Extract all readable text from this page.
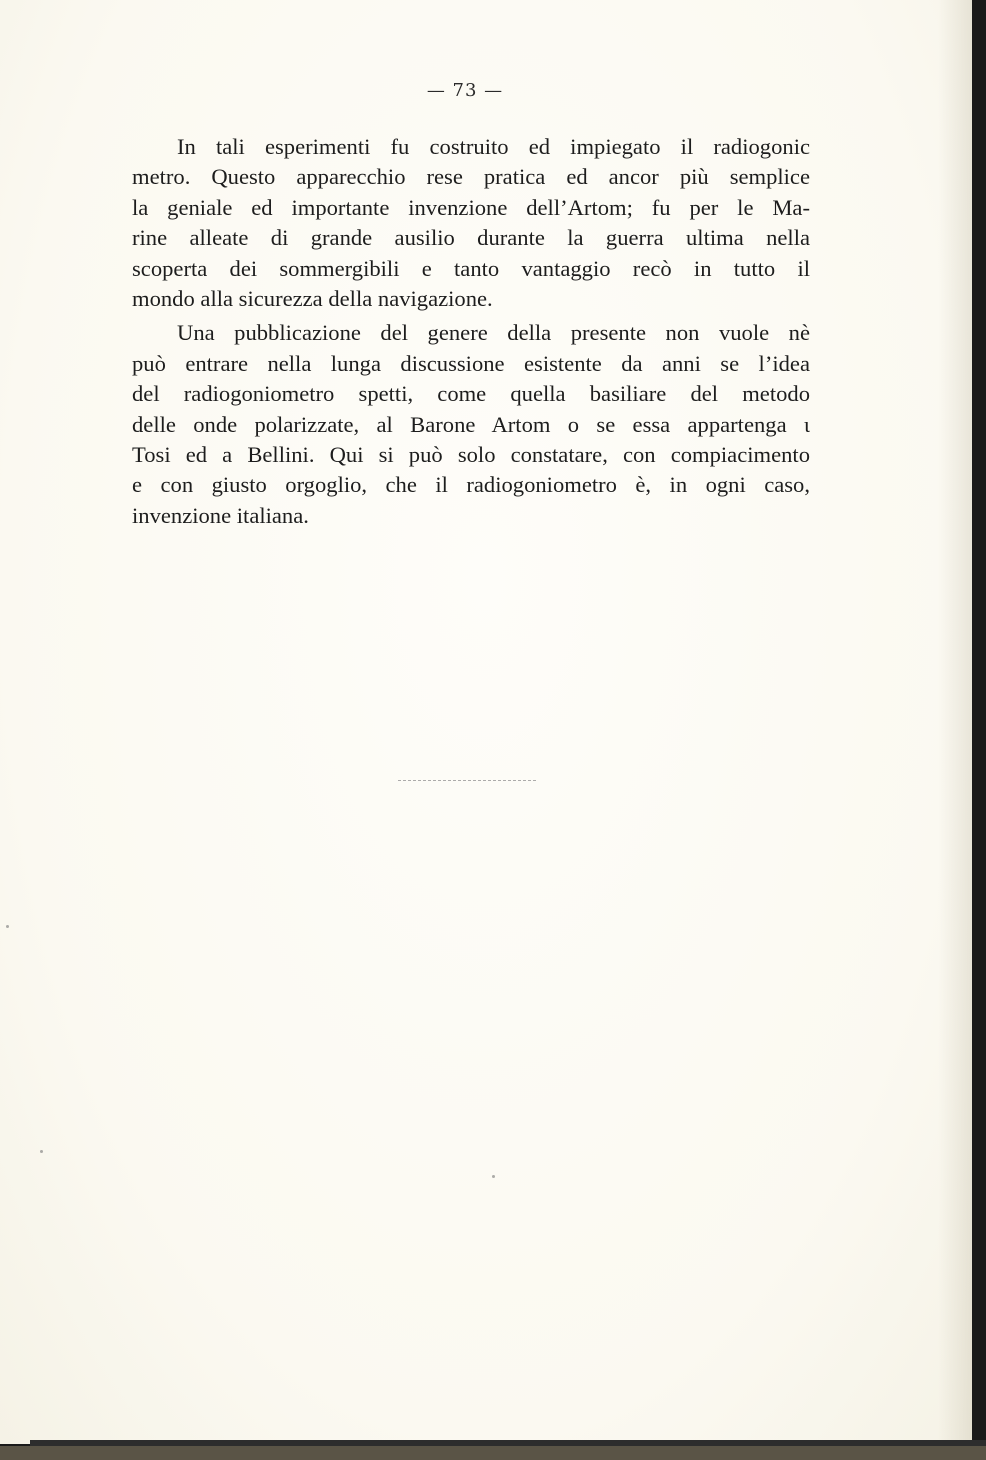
— 73 —
In tali esperimenti fu costruito ed impiegato il radiogonic
metro. Questo apparecchio rese pratica ed ancor più semplice
la geniale ed importante invenzione dell’Artom; fu per le Ma-
rine alleate di grande ausilio durante la guerra ultima nella
scoperta dei sommergibili e tanto vantaggio recò in tutto il
mondo alla sicurezza della navigazione.
Una pubblicazione del genere della presente non vuole nè
può entrare nella lunga discussione esistente da anni se l’idea
del radiogoniometro spetti, come quella basiliare del metodo
delle onde polarizzate, al Barone Artom o se essa appartenga ι
Tosi ed a Bellini. Qui si può solo constatare, con compiacimento
e con giusto orgoglio, che il radiogoniometro è, in ogni caso,
invenzione italiana.
